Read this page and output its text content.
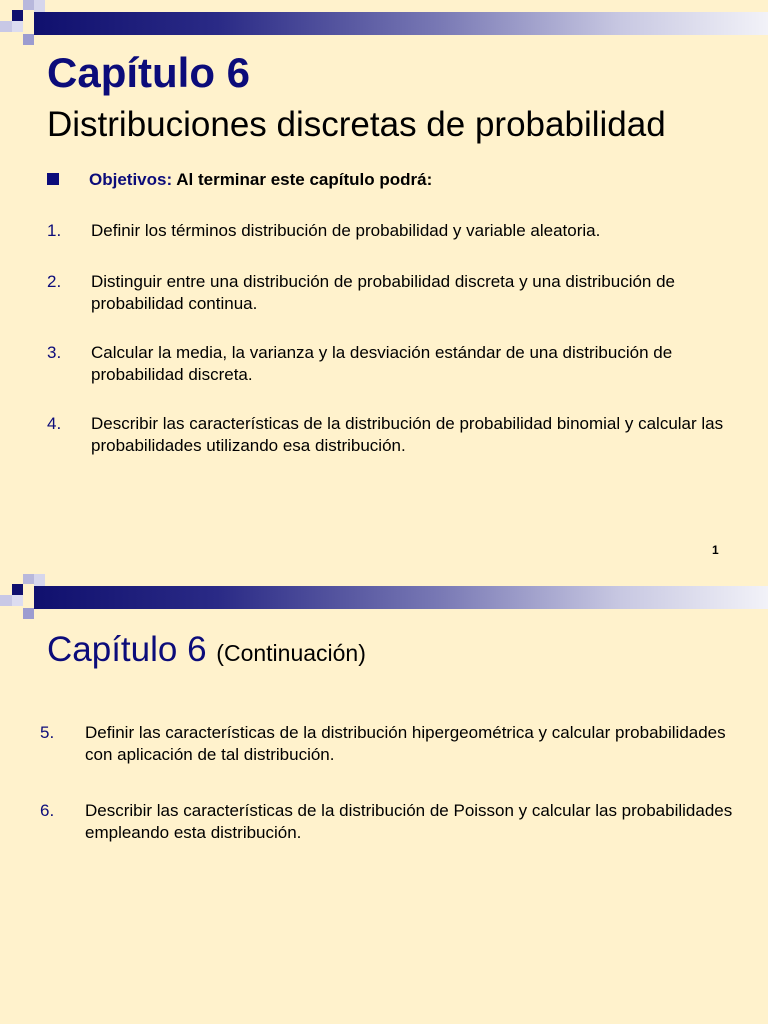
Capítulo 6
Distribuciones discretas de probabilidad
Objetivos: Al terminar este capítulo podrá:
1. Definir los términos distribución de probabilidad y variable aleatoria.
2. Distinguir entre una distribución de probabilidad discreta y una distribución de probabilidad continua.
3. Calcular la media, la varianza y la desviación estándar de una distribución de probabilidad discreta.
4. Describir las características de la distribución de probabilidad binomial y calcular las probabilidades utilizando esa distribución.
1
Capítulo 6 (Continuación)
5. Definir las características de la distribución hipergeométrica y calcular probabilidades con aplicación de tal distribución.
6. Describir las características de la distribución de Poisson y calcular las probabilidades empleando esta distribución.
